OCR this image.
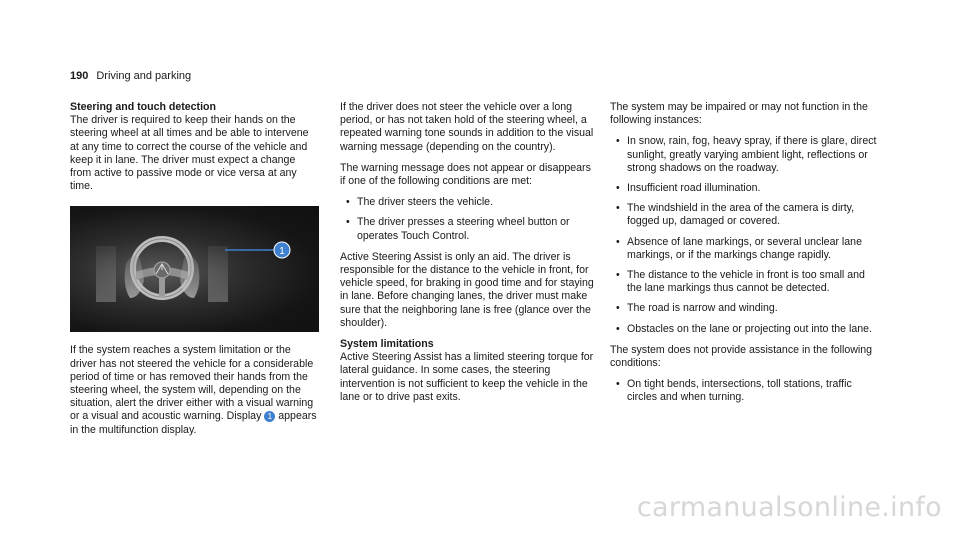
190 Driving and parking
Steering and touch detection

The driver is required to keep their hands on the steering wheel at all times and be able to intervene at any time to correct the course of the vehicle and keep it in lane. The driver must expect a change from active to passive mode or vice versa at any time.

1

If the system reaches a system limitation or the driver has not steered the vehicle for a considerable period of time or has removed their hands from the steering wheel, the system will, depending on the situation, alert the driver either with a visual warning or a visual and acoustic warning. Display 1 appears in the multifunction display.

If the driver does not steer the vehicle over a long period, or has not taken hold of the steering wheel, a repeated warning tone sounds in addition to the visual warning message (depending on the country).

The warning message does not appear or disappears if one of the following conditions are met:

• The driver steers the vehicle.
• The driver presses a steering wheel button or operates Touch Control.

Active Steering Assist is only an aid. The driver is responsible for the distance to the vehicle in front, for vehicle speed, for braking in good time and for staying in lane. Before changing lanes, the driver must make sure that the neighboring lane is free (glance over the shoulder).

System limitations

Active Steering Assist has a limited steering torque for lateral guidance. In some cases, the steering intervention is not sufficient to keep the vehicle in the lane or to drive past exits.

The system may be impaired or may not function in the following instances:

• In snow, rain, fog, heavy spray, if there is glare, direct sunlight, greatly varying ambient light, reflections or strong shadows on the roadway.
• Insufficient road illumination.
• The windshield in the area of the camera is dirty, fogged up, damaged or covered.
• Absence of lane markings, or several unclear lane markings, or if the markings change rapidly.
• The distance to the vehicle in front is too small and the lane markings thus cannot be detected.
• The road is narrow and winding.
• Obstacles on the lane or projecting out into the lane.

The system does not provide assistance in the following conditions:

• On tight bends, intersections, toll stations, traffic circles and when turning.
carmanualsonline.info
